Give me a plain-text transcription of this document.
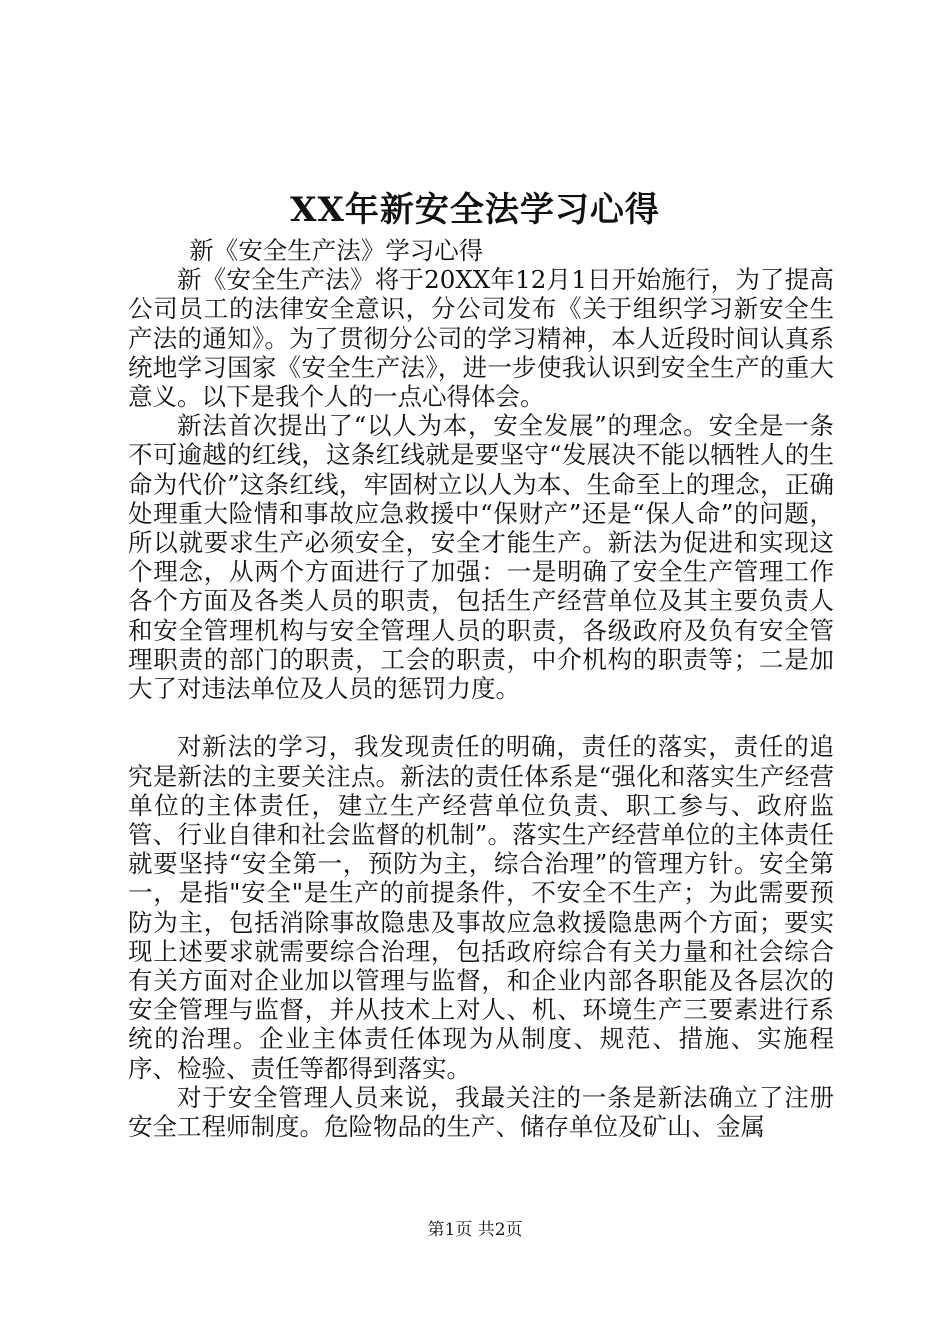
XX年新安全法学习心得

新《安全生产法》学习心得

新《安全生产法》将于20XX年12月1日开始施行，为了提高公司员工的法律安全意识，分公司发布《关于组织学习新安全生产法的通知》。为了贯彻分公司的学习精神，本人近段时间认真系统地学习国家《安全生产法》，进一步使我认识到安全生产的重大意义。以下是我个人的一点心得体会。

新法首次提出了“以人为本，安全发展”的理念。安全是一条不可逾越的红线，这条红线就是要坚守“发展决不能以牺牲人的生命为代价”这条红线，牢固树立以人为本、生命至上的理念，正确处理重大险情和事故应急救援中“保财产”还是“保人命”的问题，所以就要求生产必须安全，安全才能生产。新法为促进和实现这个理念，从两个方面进行了加强：一是明确了安全生产管理工作各个方面及各类人员的职责，包括生产经营单位及其主要负责人和安全管理机构与安全管理人员的职责，各级政府及负有安全管理职责的部门的职责，工会的职责，中介机构的职责等；二是加大了对违法单位及人员的惩罚力度。

对新法的学习，我发现责任的明确，责任的落实，责任的追究是新法的主要关注点。新法的责任体系是“强化和落实生产经营单位的主体责任，建立生产经营单位负责、职工参与、政府监管、行业自律和社会监督的机制”。落实生产经营单位的主体责任就要坚持“安全第一，预防为主，综合治理”的管理方针。安全第一，是指"安全"是生产的前提条件，不安全不生产；为此需要预防为主，包括消除事故隐患及事故应急救援隐患两个方面；要实现上述要求就需要综合治理，包括政府综合有关力量和社会综合有关方面对企业加以管理与监督，和企业内部各职能及各层次的安全管理与监督，并从技术上对人、机、环境生产三要素进行系统的治理。企业主体责任体现为从制度、规范、措施、实施程序、检验、责任等都得到落实。

对于安全管理人员来说，我最关注的一条是新法确立了注册安全工程师制度。危险物品的生产、储存单位及矿山、金属

第1页 共2页
